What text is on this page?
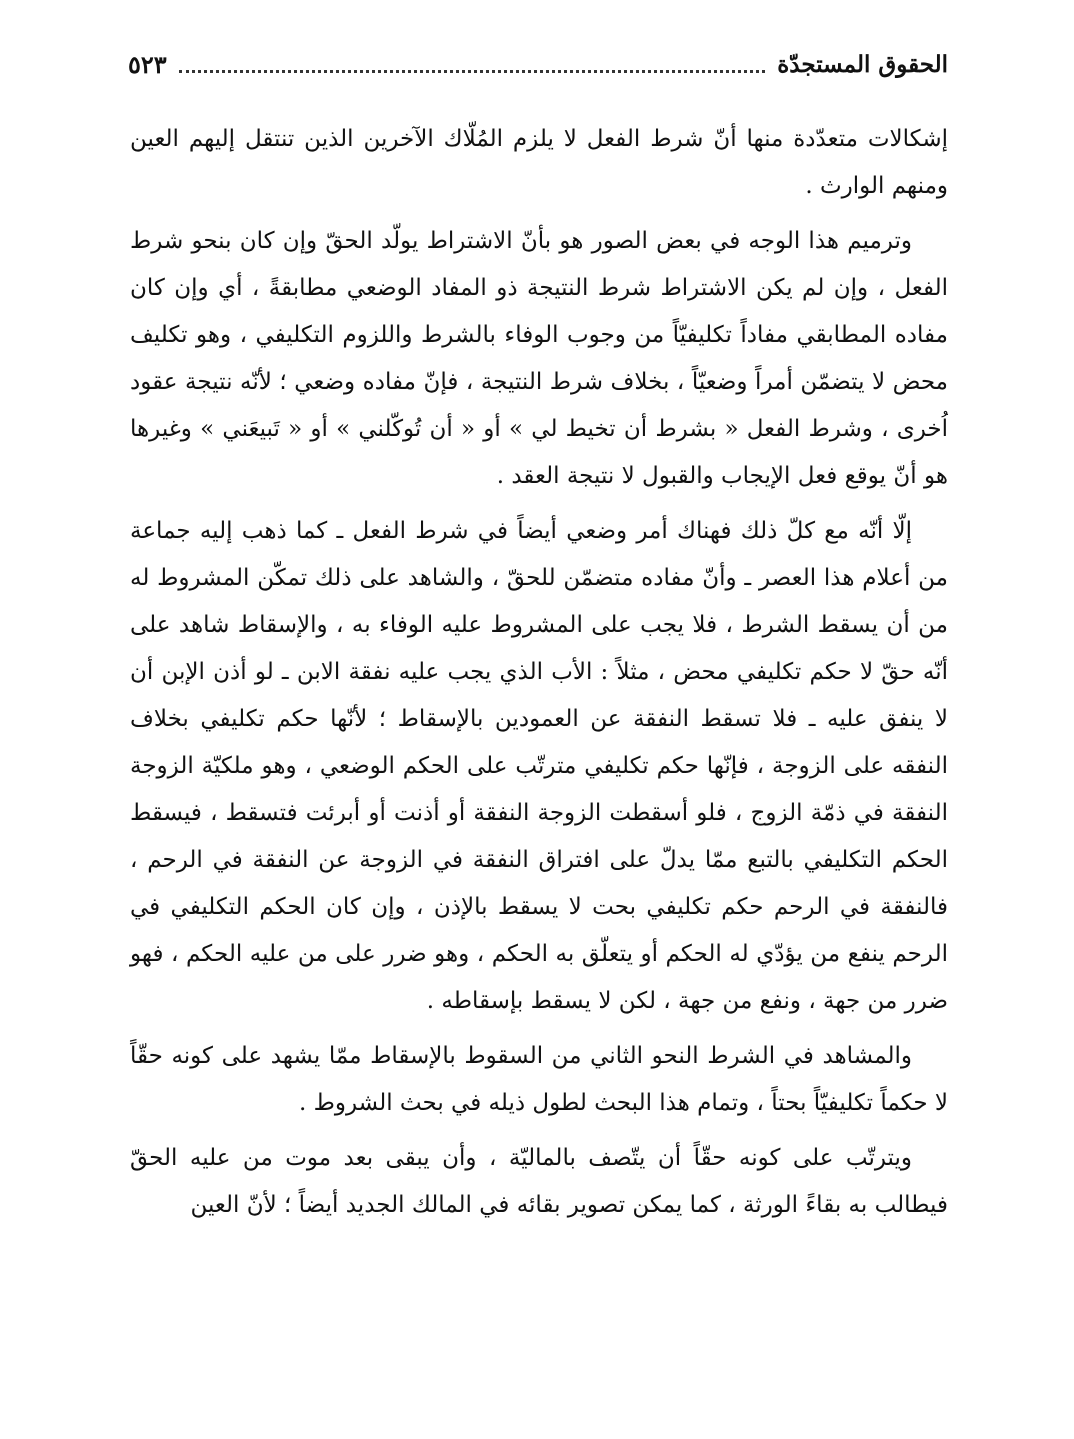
الحقوق المستجدّة
٥٢٣

إشكالات متعدّدة منها أنّ شرط الفعل لا يلزم المُلّاك الآخرين الذين تنتقل إليهم العين ومنهم الوارث .

وترميم هذا الوجه في بعض الصور هو بأنّ الاشتراط يولّد الحقّ وإن كان بنحو شرط الفعل ، وإن لم يكن الاشتراط شرط النتيجة ذو المفاد الوضعي مطابقةً ، أي وإن كان مفاده المطابقي مفاداً تكليفيّاً من وجوب الوفاء بالشرط واللزوم التكليفي ، وهو تكليف محض لا يتضمّن أمراً وضعيّاً ، بخلاف شرط النتيجة ، فإنّ مفاده وضعي ؛ لأنّه نتيجة عقود اُخرى ، وشرط الفعل « بشرط أن تخيط لي » أو « أن تُوكّلني » أو « تَبيعَني » وغيرها هو أنّ يوقع فعل الإيجاب والقبول لا نتيجة العقد .

إلّا أنّه مع كلّ ذلك فهناك أمر وضعي أيضاً في شرط الفعل ـ كما ذهب إليه جماعة من أعلام هذا العصر ـ وأنّ مفاده متضمّن للحقّ ، والشاهد على ذلك تمكّن المشروط له من أن يسقط الشرط ، فلا يجب على المشروط عليه الوفاء به ، والإسقاط شاهد على أنّه حقّ لا حكم تكليفي محض ، مثلاً : الأب الذي يجب عليه نفقة الابن ـ لو أذن الإبن أن لا ينفق عليه ـ فلا تسقط النفقة عن العمودين بالإسقاط ؛ لأنّها حكم تكليفي بخلاف النفقه على الزوجة ، فإنّها حكم تكليفي مترتّب على الحكم الوضعي ، وهو ملكيّة الزوجة النفقة في ذمّة الزوج ، فلو أسقطت الزوجة النفقة أو أذنت أو أبرئت فتسقط ، فيسقط الحكم التكليفي بالتبع ممّا يدلّ على افتراق النفقة في الزوجة عن النفقة في الرحم ، فالنفقة في الرحم حكم تكليفي بحت لا يسقط بالإذن ، وإن كان الحكم التكليفي في الرحم ينفع من يؤدّي له الحكم أو يتعلّق به الحكم ، وهو ضرر على من عليه الحكم ، فهو ضرر من جهة ، ونفع من جهة ، لكن لا يسقط بإسقاطه .

والمشاهد في الشرط النحو الثاني من السقوط بالإسقاط ممّا يشهد على كونه حقّاً لا حكماً تكليفيّاً بحتاً ، وتمام هذا البحث لطول ذيله في بحث الشروط .

ويترتّب على كونه حقّاً أن يتّصف بالماليّة ، وأن يبقى بعد موت من عليه الحقّ فيطالب به بقاءً الورثة ، كما يمكن تصوير بقائه في المالك الجديد أيضاً ؛ لأنّ العين
